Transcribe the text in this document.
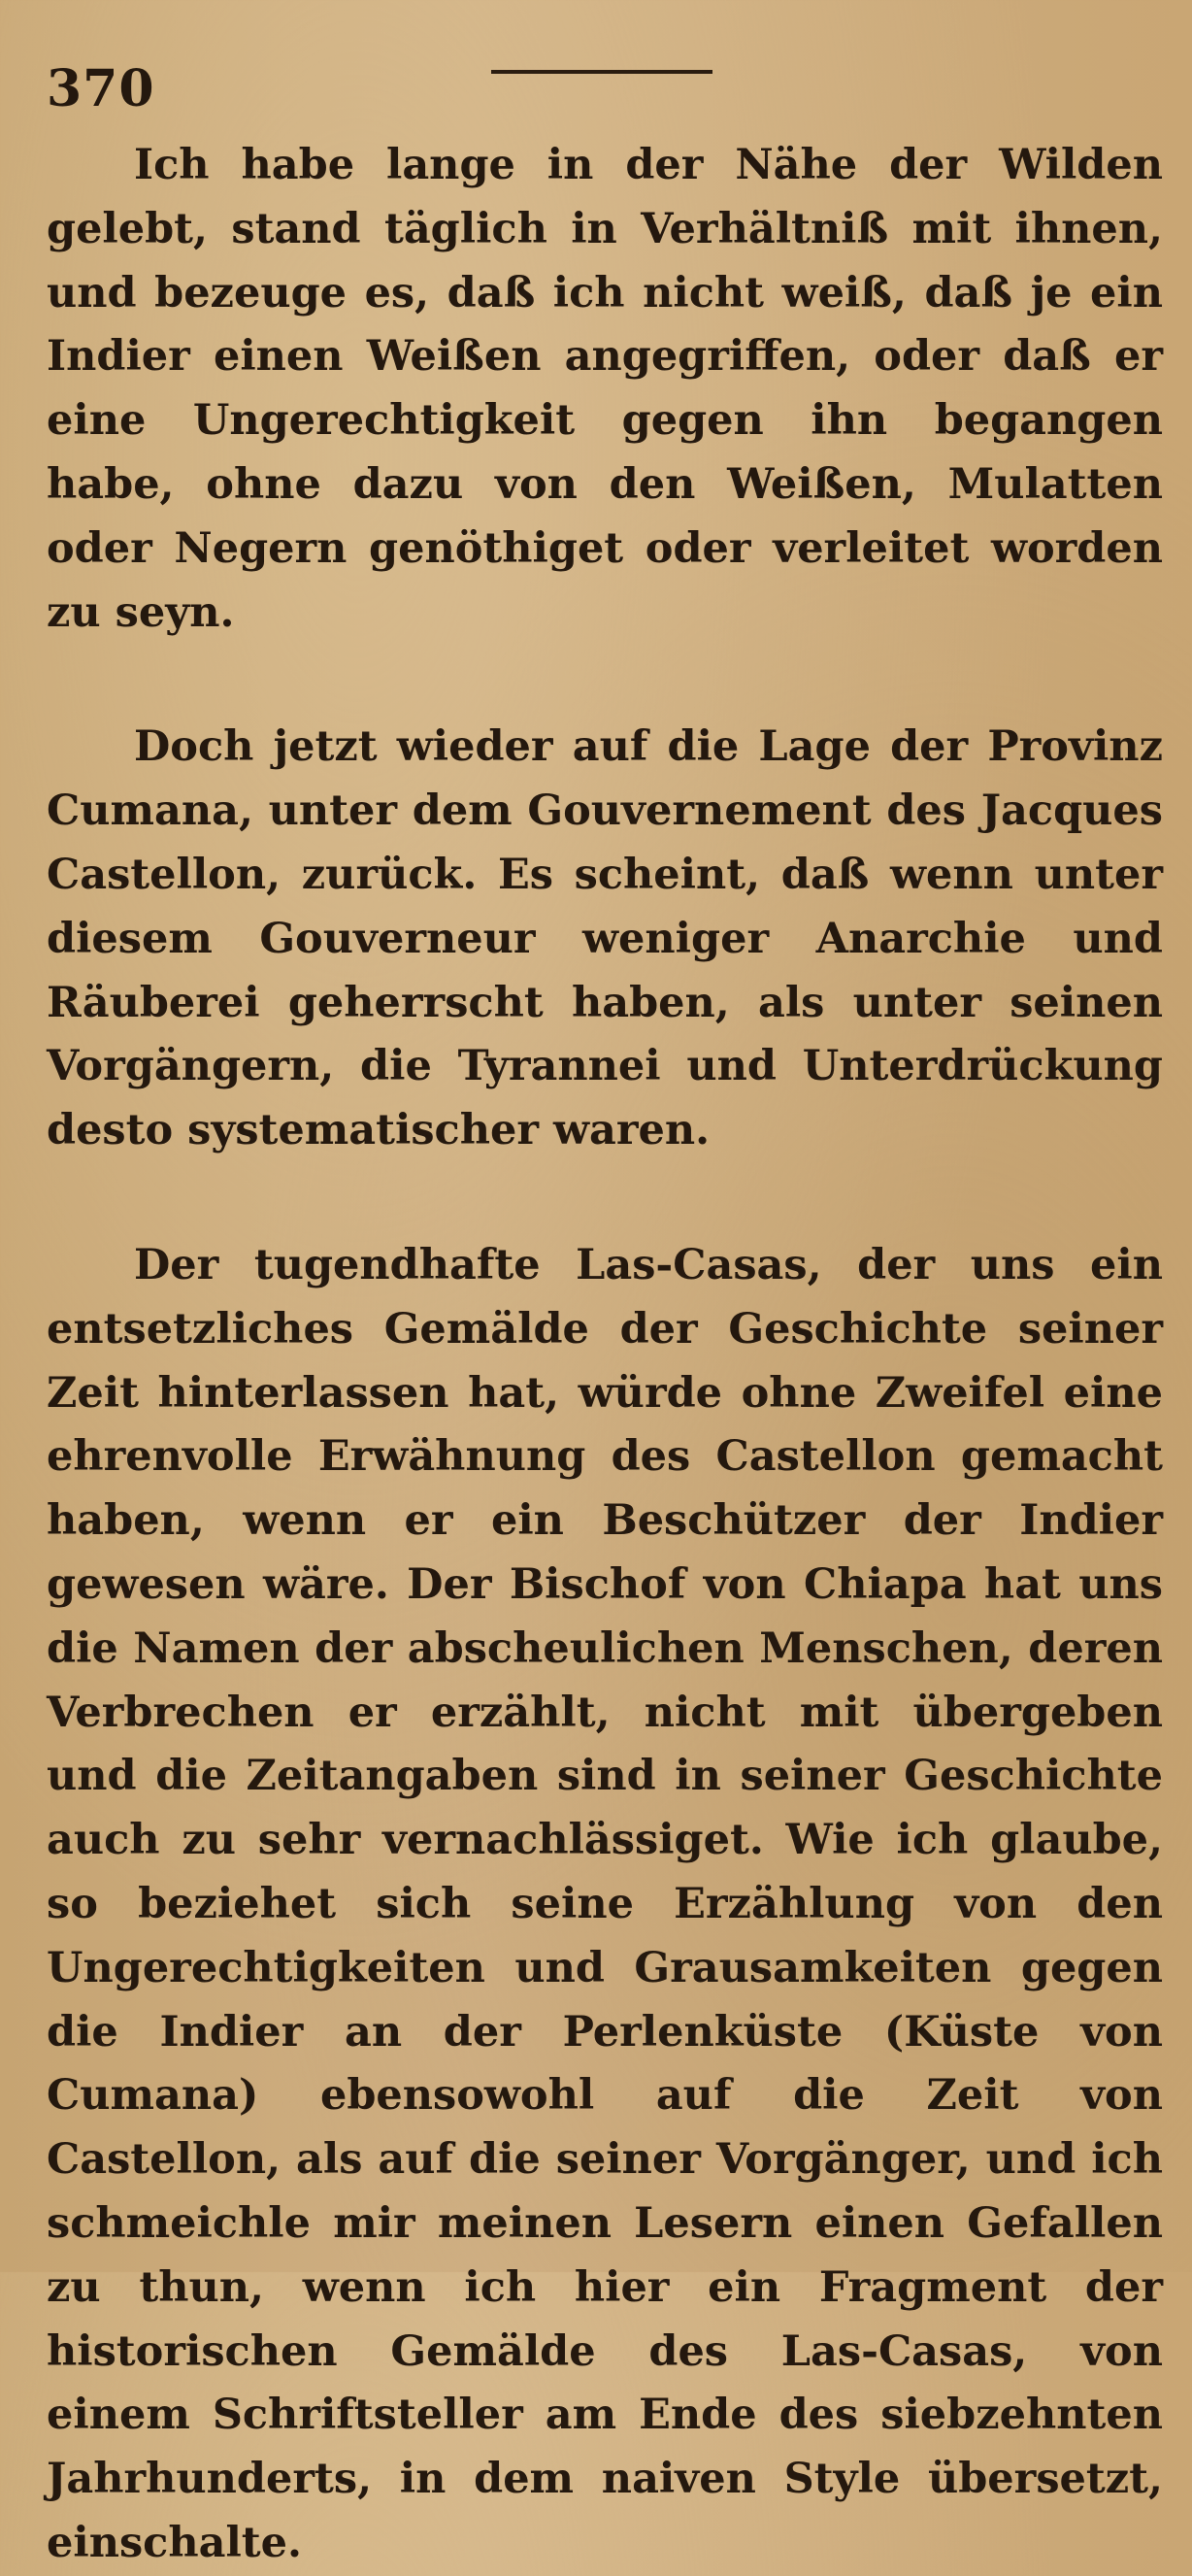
370

Ich habe lange in der Nähe der Wilden gelebt, stand täglich in Verhältniß mit ihnen, und bezeuge es, daß ich nicht weiß, daß je ein Indier einen Weißen angegriffen, oder daß er eine Ungerechtigkeit gegen ihn begangen habe, ohne dazu von den Weißen, Mulatten oder Negern genöthiget oder verleitet worden zu seyn.

Doch jetzt wieder auf die Lage der Provinz Cumana, unter dem Gouvernement des Jacques Castellon, zurück. Es scheint, daß wenn unter diesem Gouverneur weniger Anarchie und Räuberei geherrscht haben, als unter seinen Vorgängern, die Tyrannei und Unterdrückung desto systematischer waren.

Der tugendhafte Las-Casas, der uns ein entsetzliches Gemälde der Geschichte seiner Zeit hinterlassen hat, würde ohne Zweifel eine ehrenvolle Erwähnung des Castellon gemacht haben, wenn er ein Beschützer der Indier gewesen wäre. Der Bischof von Chiapa hat uns die Namen der abscheulichen Menschen, deren Verbrechen er erzählt, nicht mit übergeben und die Zeitangaben sind in seiner Geschichte auch zu sehr vernachlässiget. Wie ich glaube, so beziehet sich seine Erzählung von den Ungerechtigkeiten und Grausamkeiten gegen die Indier an der Perlenküste (Küste von Cumana) ebensowohl auf die Zeit von Castellon, als auf die seiner Vorgänger, und ich schmeichle mir meinen Lesern einen Gefallen zu thun, wenn ich hier ein Fragment der historischen Gemälde des Las-Casas, von einem Schriftsteller am Ende des siebzehnten Jahrhunderts, in dem naiven Style übersetzt, einschalte.
